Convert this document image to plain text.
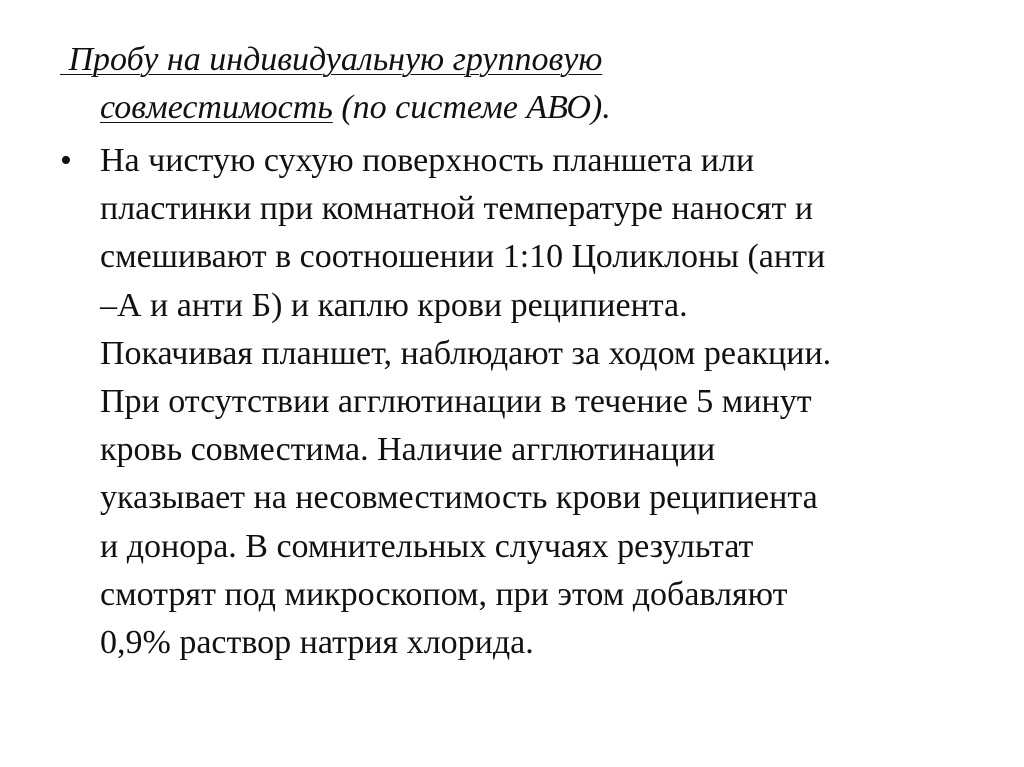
Пробу на индивидуальную групповую
совместимость (по системе АВО).
• На чистую сухую поверхность планшета или
пластинки при комнатной температуре наносят и
смешивают в соотношении 1:10 Цоликлоны (анти
–А и анти Б) и каплю крови реципиента.
Покачивая планшет, наблюдают за ходом реакции.
При отсутствии агглютинации в течение 5 минут
кровь совместима. Наличие агглютинации
указывает на несовместимость крови реципиента
и донора. В сомнительных случаях результат
смотрят под микроскопом, при этом добавляют
0,9% раствор натрия хлорида.
